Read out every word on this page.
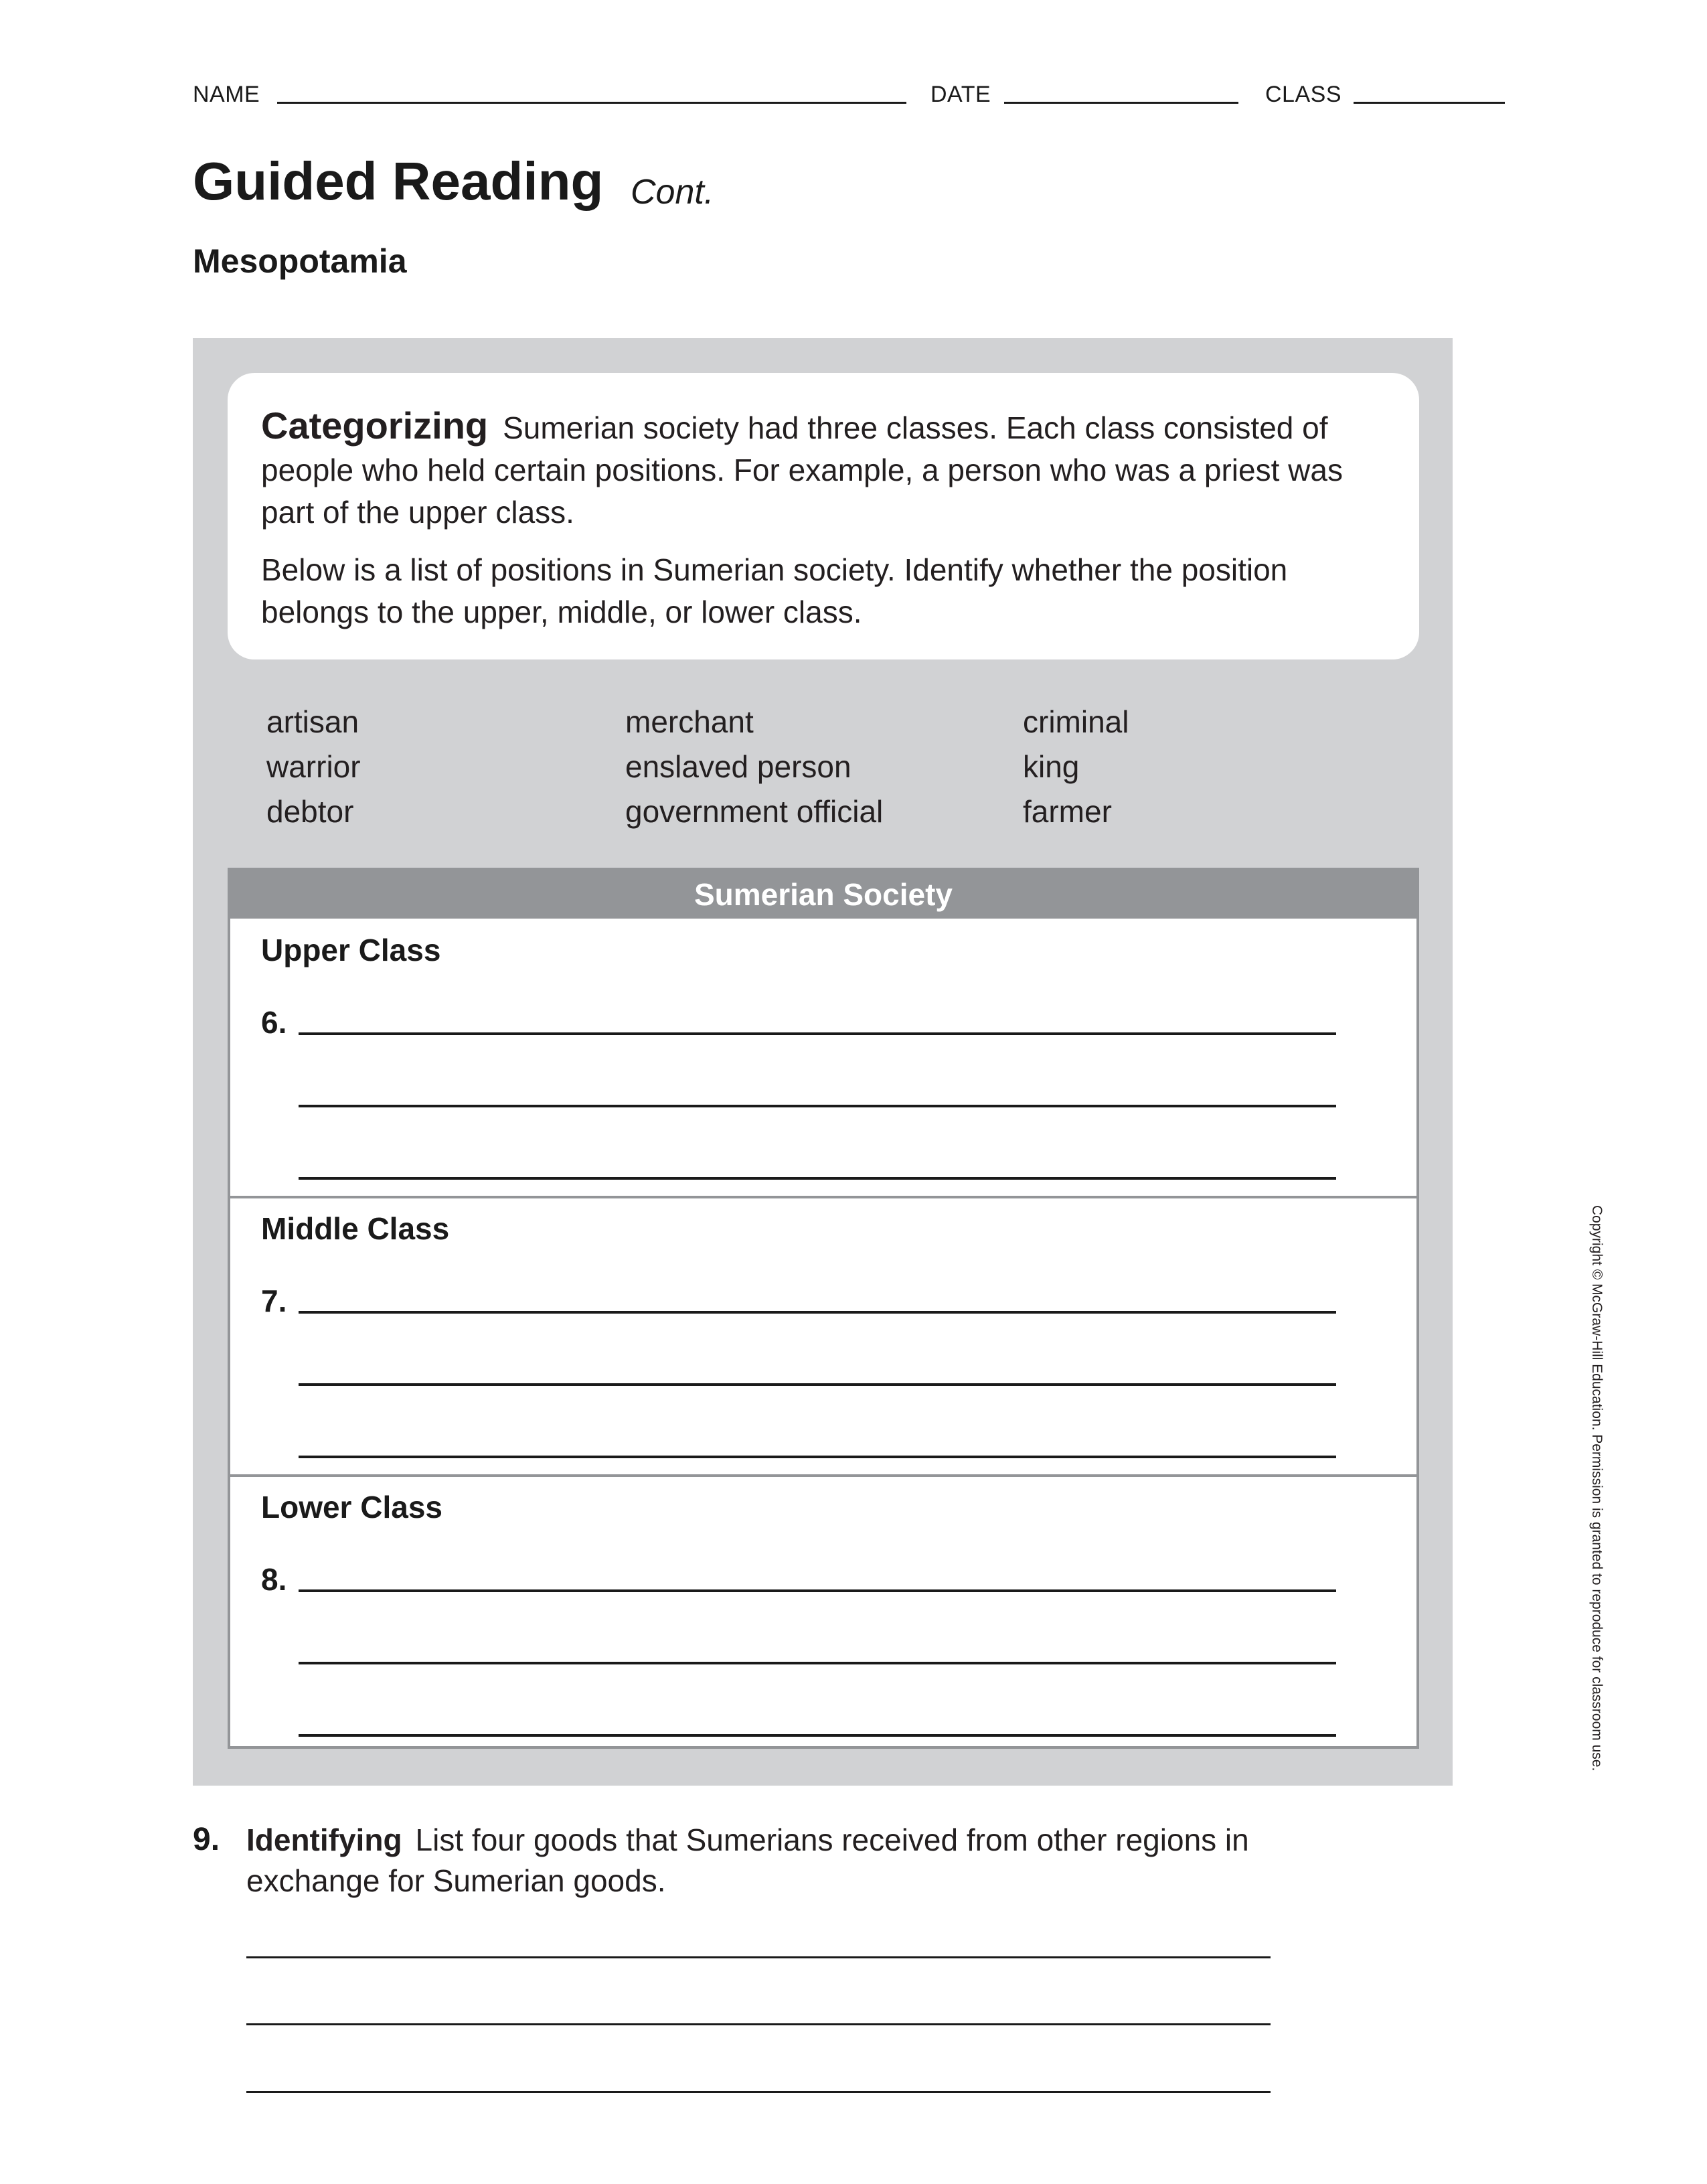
NAME	DATE	CLASS
Guided Reading Cont.
Mesopotamia
Categorizing Sumerian society had three classes. Each class consisted of people who held certain positions. For example, a person who was a priest was part of the upper class.
Below is a list of positions in Sumerian society. Identify whether the position belongs to the upper, middle, or lower class.
artisan
warrior
debtor
merchant
enslaved person
government official
criminal
king
farmer
Sumerian Society
Upper Class
6.
Middle Class
7.
Lower Class
8.
9. Identifying List four goods that Sumerians received from other regions in exchange for Sumerian goods.
Copyright © McGraw-Hill Education. Permission is granted to reproduce for classroom use.
